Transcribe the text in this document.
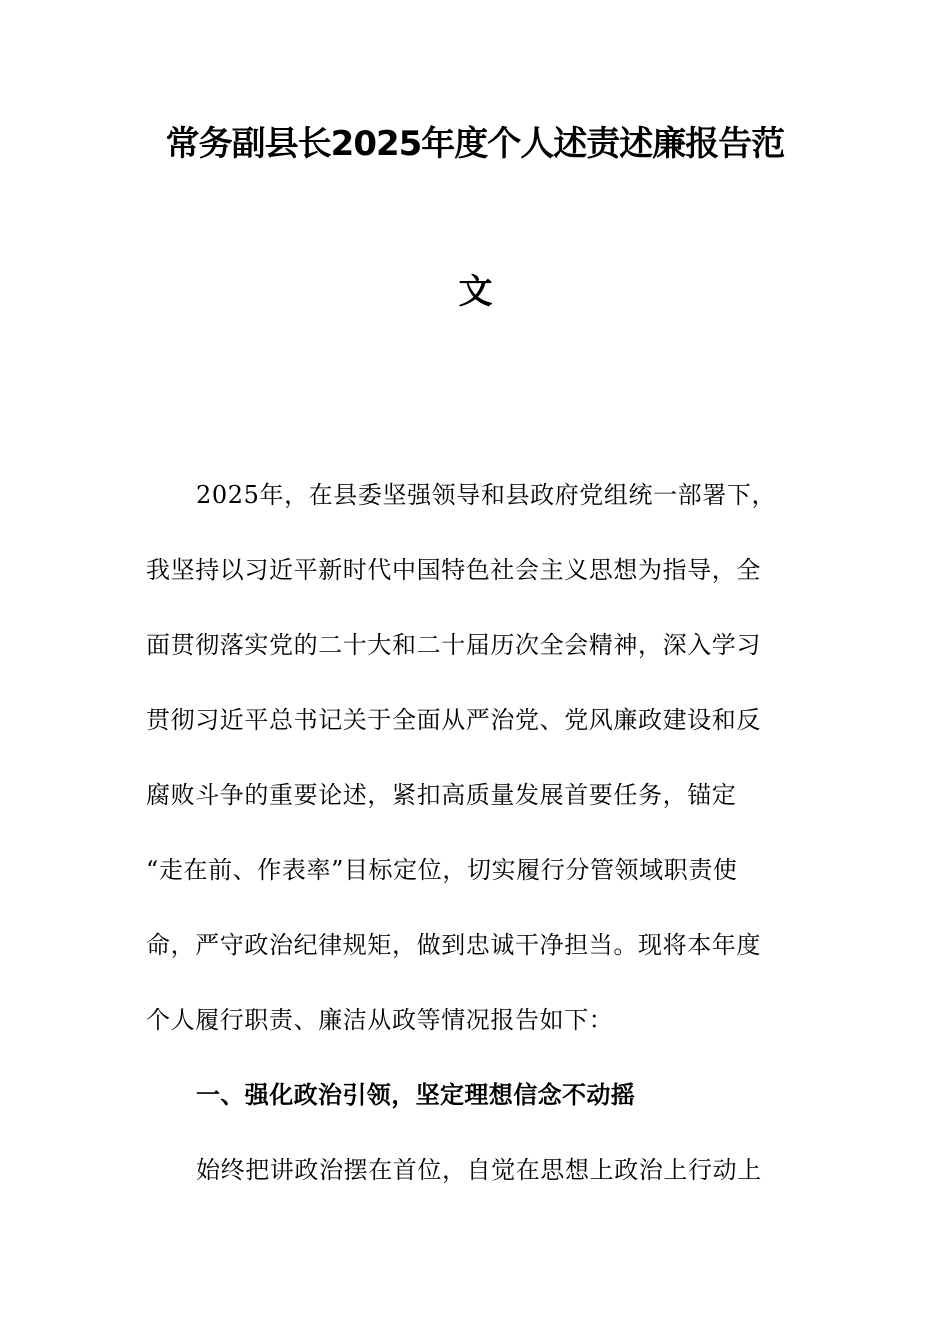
常务副县长2025年度个人述责述廉报告范
文
2025年，在县委坚强领导和县政府党组统一部署下，
我坚持以习近平新时代中国特色社会主义思想为指导，全
面贯彻落实党的二十大和二十届历次全会精神，深入学习
贯彻习近平总书记关于全面从严治党、党风廉政建设和反
腐败斗争的重要论述，紧扣高质量发展首要任务，锚定
“走在前、作表率”目标定位，切实履行分管领域职责使
命，严守政治纪律规矩，做到忠诚干净担当。现将本年度
个人履行职责、廉洁从政等情况报告如下：
一、强化政治引领，坚定理想信念不动摇
始终把讲政治摆在首位，自觉在思想上政治上行动上
